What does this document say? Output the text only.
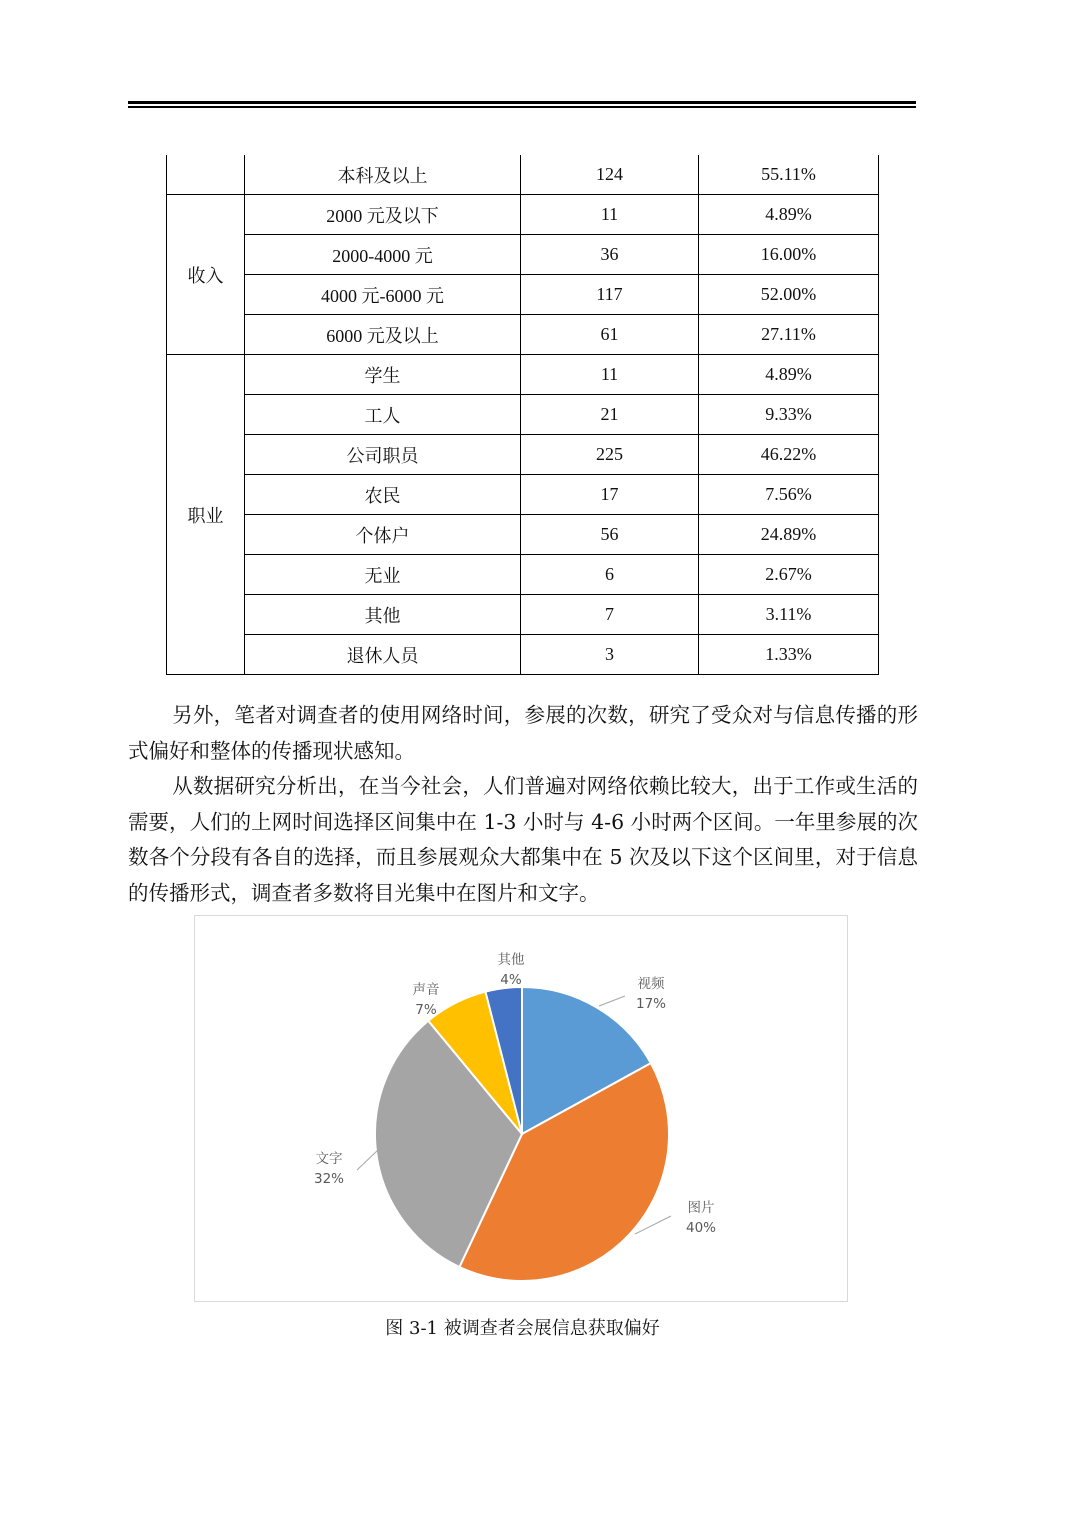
	本科及以上	124	55.11%
收入	2000 元及以下	11	4.89%
	2000-4000 元	36	16.00%
	4000 元-6000 元	117	52.00%
	6000 元及以上	61	27.11%
职业	学生	11	4.89%
	工人	21	9.33%
	公司职员	225	46.22%
	农民	17	7.56%
	个体户	56	24.89%
	无业	6	2.67%
	其他	7	3.11%
	退休人员	3	1.33%

另外，笔者对调查者的使用网络时间，参展的次数，研究了受众对与信息传播的形式偏好和整体的传播现状感知。

从数据研究分析出，在当今社会，人们普遍对网络依赖比较大，出于工作或生活的需要，人们的上网时间选择区间集中在 1-3 小时与 4-6 小时两个区间。一年里参展的次数各个分段有各自的选择，而且参展观众大都集中在 5 次及以下这个区间里，对于信息的传播形式，调查者多数将目光集中在图片和文字。

视频
17%
图片
40%
文字
32%
声音
7%
其他
4%
图 3-1 被调查者会展信息获取偏好
